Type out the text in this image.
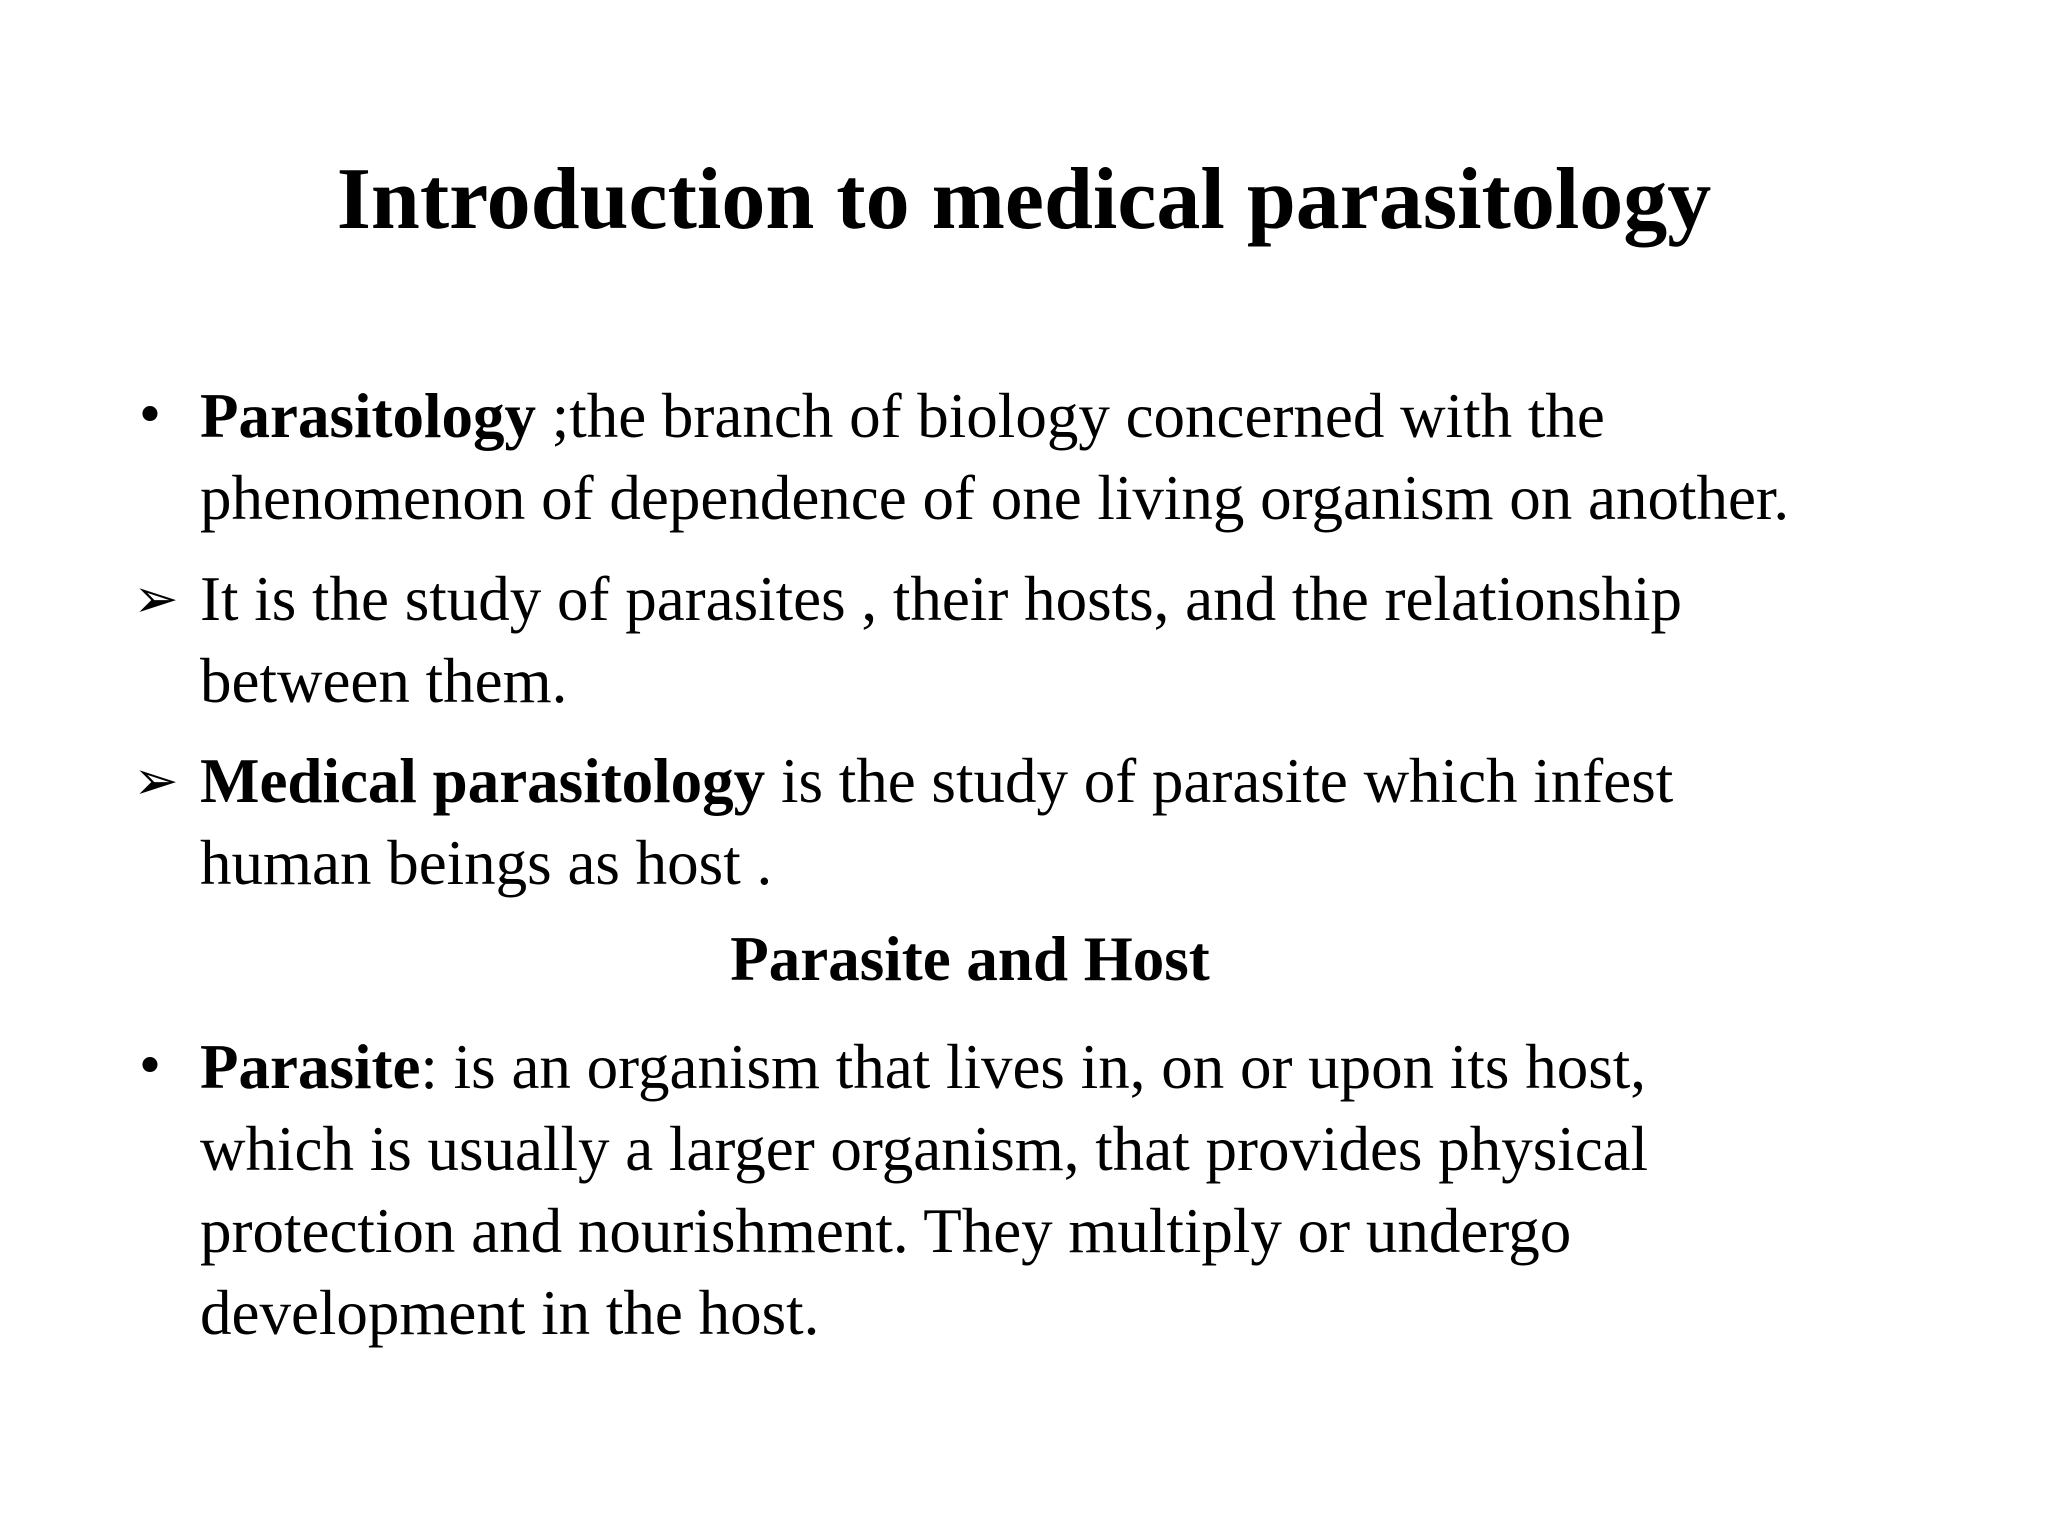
Introduction to medical parasitology
• Parasitology ;the branch of biology concerned with the
phenomenon of dependence of one living organism on another.
➢ It is the study of parasites , their hosts, and the relationship
between them.
➢ Medical parasitology is the study of parasite which infest
human beings as host .
Parasite and Host
• Parasite: is an organism that lives in, on or upon its host,
which is usually a larger organism, that provides physical
protection and nourishment. They multiply or undergo
development in the host.
